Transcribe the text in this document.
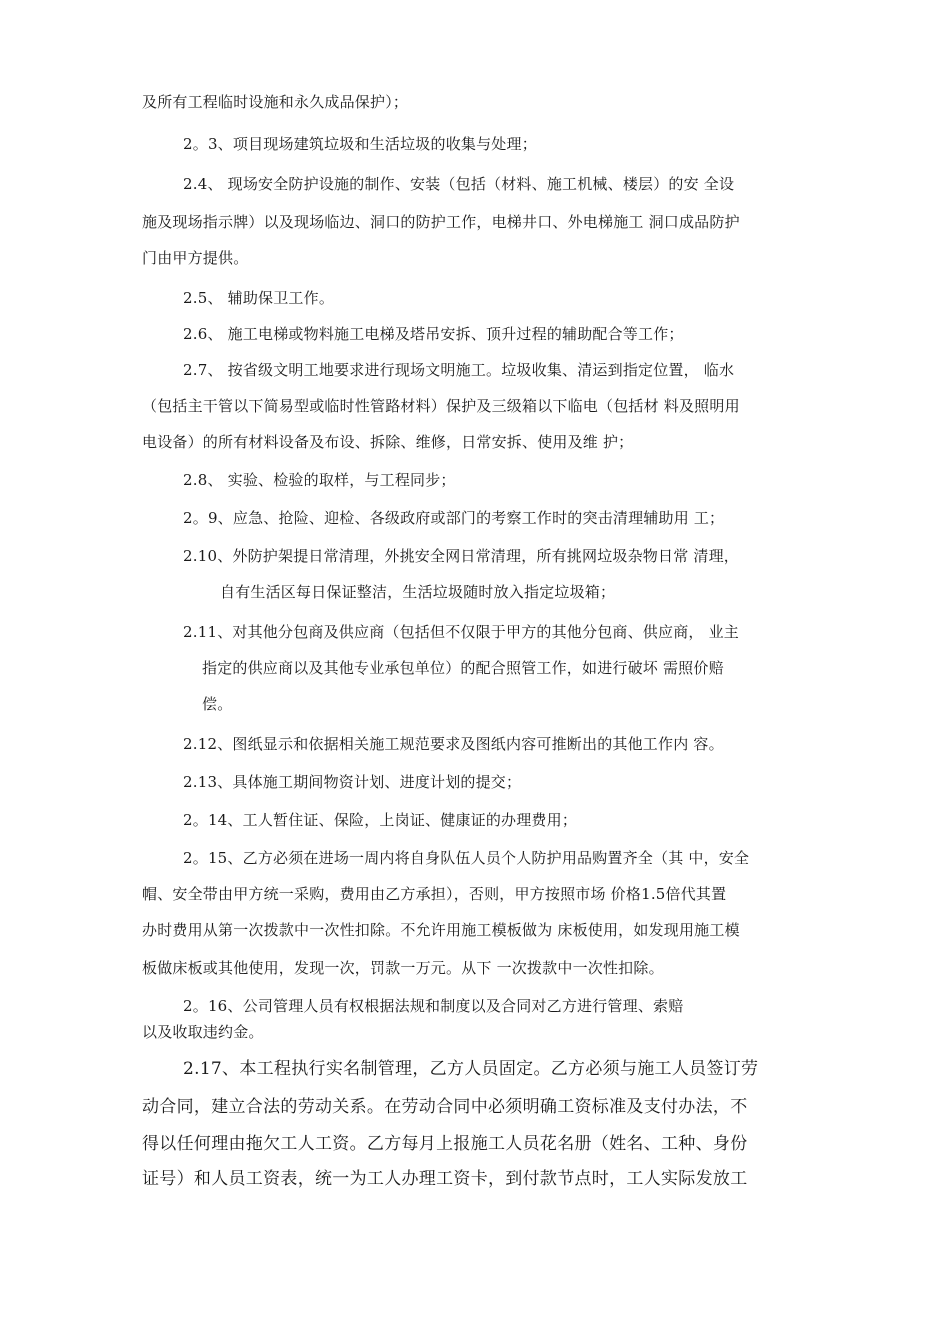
及所有工程临时设施和永久成品保护）；
2。3、项目现场建筑垃圾和生活垃圾的收集与处理；
2.4、 现场安全防护设施的制作、安装（包括（材料、施工机械、楼层）的安 全设
施及现场指示牌）以及现场临边、洞口的防护工作，电梯井口、外电梯施工 洞口成品防护
门由甲方提供。
2.5、 辅助保卫工作。
2.6、 施工电梯或物料施工电梯及塔吊安拆、顶升过程的辅助配合等工作；
2.7、 按省级文明工地要求进行现场文明施工。垃圾收集、清运到指定位置， 临水
（包括主干管以下简易型或临时性管路材料）保护及三级箱以下临电（包括材 料及照明用
电设备）的所有材料设备及布设、拆除、维修，日常安拆、使用及维 护；
2.8、 实验、检验的取样，与工程同步；
2。9、应急、抢险、迎检、各级政府或部门的考察工作时的突击清理辅助用 工；
2.10、外防护架提日常清理，外挑安全网日常清理，所有挑网垃圾杂物日常 清理，
自有生活区每日保证整洁，生活垃圾随时放入指定垃圾箱；
2.11、对其他分包商及供应商（包括但不仅限于甲方的其他分包商、供应商， 业主
指定的供应商以及其他专业承包单位）的配合照管工作，如进行破坏 需照价赔
偿。
2.12、图纸显示和依据相关施工规范要求及图纸内容可推断出的其他工作内 容。
2.13、具体施工期间物资计划、进度计划的提交；
2。14、工人暂住证、保险，上岗证、健康证的办理费用；
2。15、乙方必须在进场一周内将自身队伍人员个人防护用品购置齐全（其 中，安全
帽、安全带由甲方统一采购，费用由乙方承担），否则，甲方按照市场 价格1.5倍代其置
办时费用从第一次拨款中一次性扣除。不允许用施工模板做为 床板使用，如发现用施工模
板做床板或其他使用，发现一次，罚款一万元。从下 一次拨款中一次性扣除。
2。16、公司管理人员有权根据法规和制度以及合同对乙方进行管理、索赔
以及收取违约金。
2.17、本工程执行实名制管理，乙方人员固定。乙方必须与施工人员签订劳
动合同，建立合法的劳动关系。在劳动合同中必须明确工资标准及支付办法，不
得以任何理由拖欠工人工资。乙方每月上报施工人员花名册（姓名、工种、身份
证号）和人员工资表，统一为工人办理工资卡，到付款节点时，工人实际发放工
